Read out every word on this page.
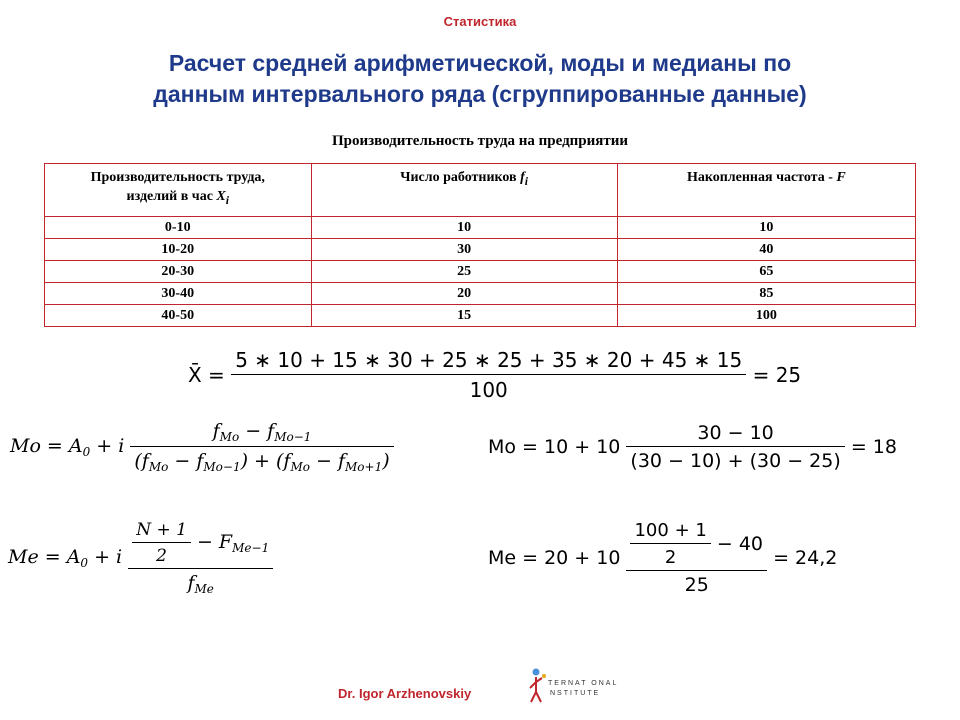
Статистика
Расчет средней арифметической, моды и медианы по
данным интервального ряда (сгруппированные данные)
Производительность труда на предприятии
Производительность труда,
изделий в час $X_i$	Число работников $f_i$	Накопленная частота - F
0-10	10	10
10-20	30	40
20-30	25	65
30-40	20	85
40-50	15	100
X̄ = $\frac{5 ∗ 10 + 15 ∗ 30 + 25 ∗ 25 + 35 ∗ 20 + 45 ∗ 15}{100} = 25$
$Mo = A_0 + i \frac{f_{Mo} - f_{Mo-1}}{(f_{Mo} - f_{Mo-1}) + (f_{Mo} - f_{Mo+1})}$	$Mo = 10 + 10 \frac{30 - 10}{(30 - 10) + (30 - 25)} = 18$
$Me = A_0 + i \frac{\frac{N + 1}{2} - F_{Me-1}}{f_{Me}}$	$Me = 20 + 10 \frac{\frac{100 + 1}{2} - 40}{25} = 24,2$
Dr. Igor Arzhenovskiy
TERNAT ONAL
NSTITUTE
